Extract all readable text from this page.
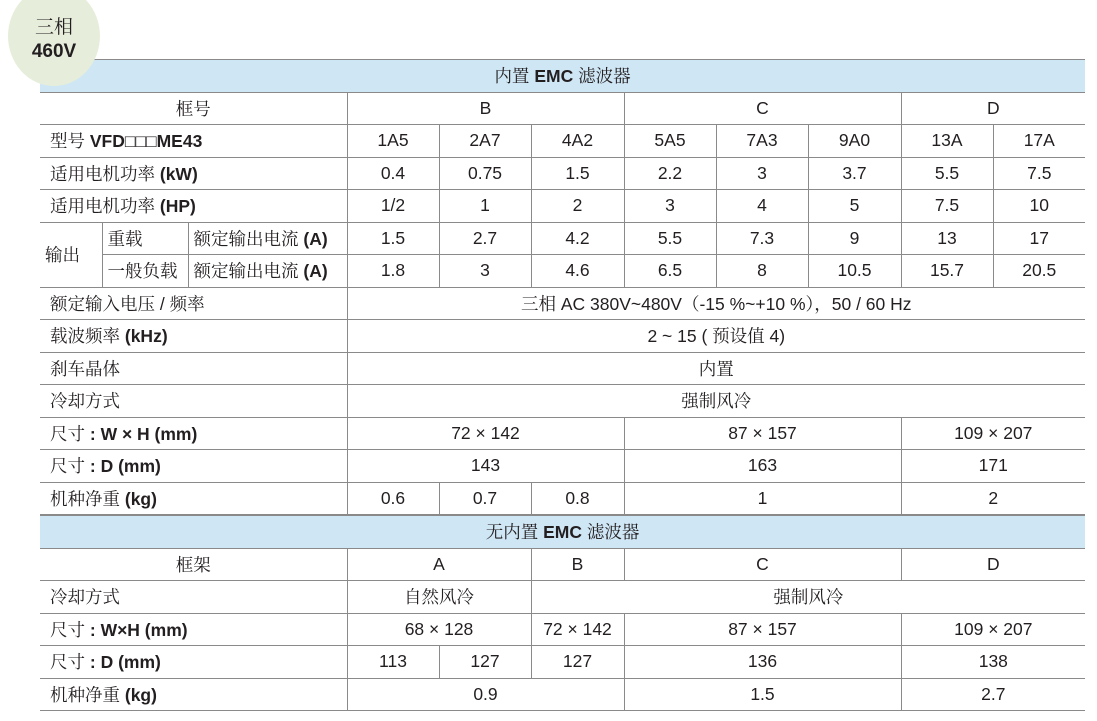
三相
460V
内置 EMC 滤波器										
框号			B			C			D	
型号 VFD□□□ME43			1A5	2A7	4A2	5A5	7A3	9A0	13A	17A
适用电机功率 (kW)			0.4	0.75	1.5	2.2	3	3.7	5.5	7.5
适用电机功率 (HP)			1/2	1	2	3	4	5	7.5	10
输出	重载	额定输出电流 (A)	1.5	2.7	4.2	5.5	7.3	9	13	17
	一般负载	额定输出电流 (A)	1.8	3	4.6	6.5	8	10.5	15.7	20.5
额定输入电压 / 频率			三相 AC 380V~480V（-15 %~+10 %），50 / 60 Hz							
载波频率 (kHz)			2 ~ 15 ( 预设值 4)							
刹车晶体			内置							
冷却方式			强制风冷							
尺寸 : W × H (mm)			72 × 142			87 × 157			109 × 207	
尺寸 : D (mm)			143			163			171	
机种净重 (kg)			0.6	0.7	0.8	1			2	
无内置 EMC 滤波器					
框架	A		B	C	D
冷却方式	自然风冷		强制风冷		
尺寸 : W×H (mm)	68 × 128		72 × 142	87 × 157	109 × 207
尺寸 : D (mm)	113	127	127	136	138
机种净重 (kg)	0.9			1.5	2.7
